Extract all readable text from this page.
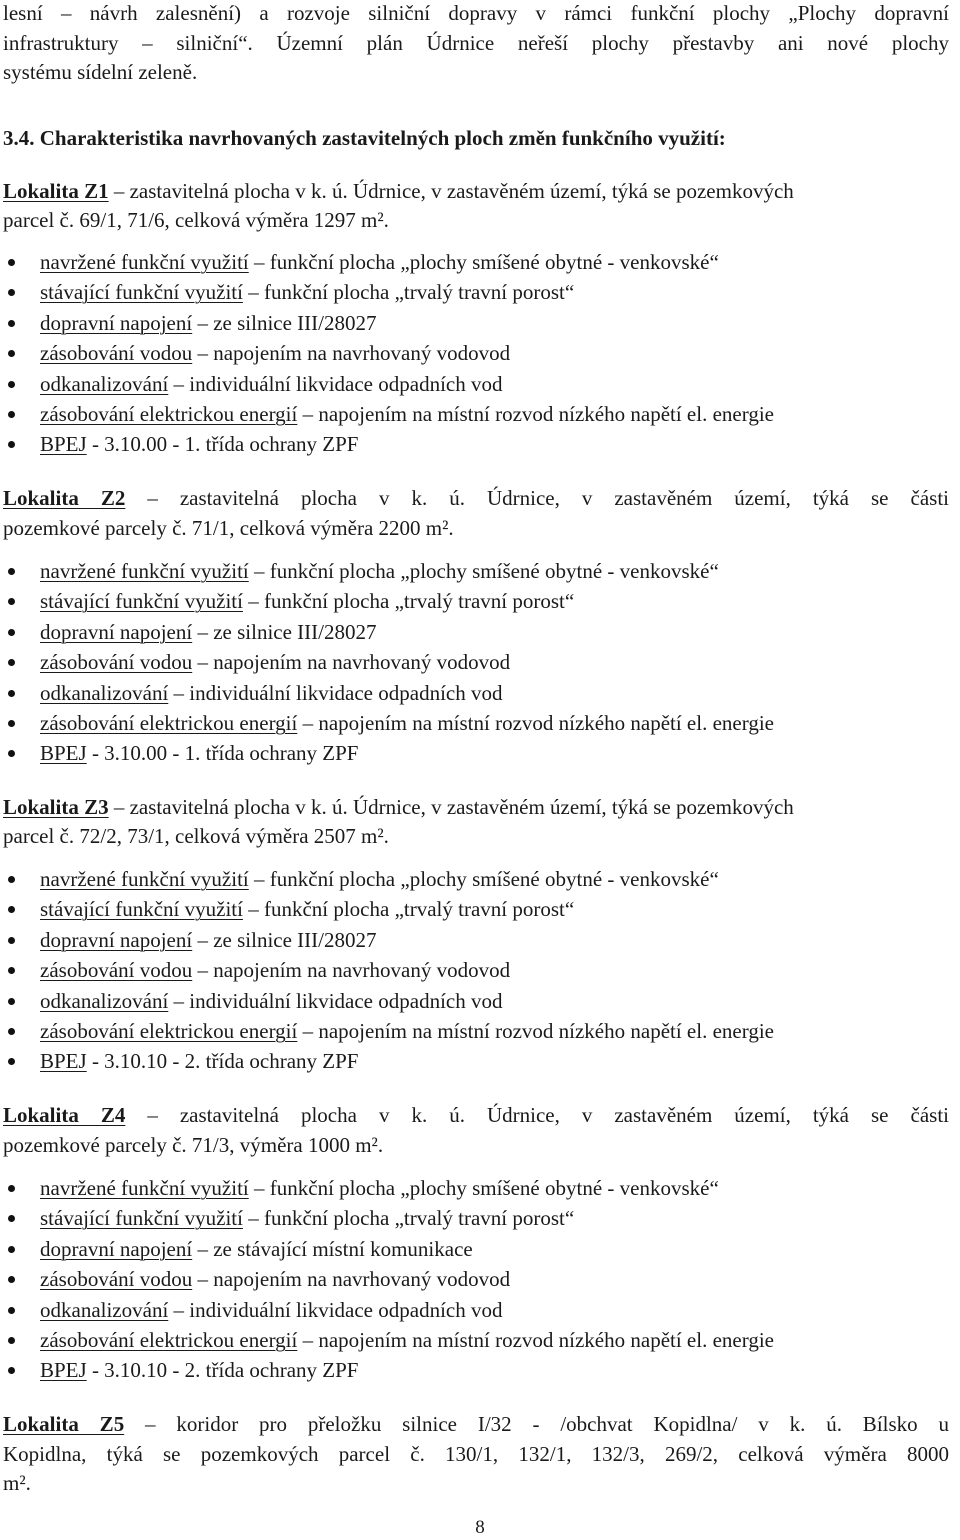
lesní – návrh zalesnění) a rozvoje silniční dopravy v rámci funkční plochy „Plochy dopravní
infrastruktury – silniční“. Územní plán Údrnice neřeší plochy přestavby ani nové plochy
systému sídelní zeleně.
3.4. Charakteristika navrhovaných zastavitelných ploch změn funkčního využití:
Lokalita Z1 – zastavitelná plocha v k. ú. Údrnice, v zastavěném území, týká se pozemkových
parcel č. 69/1, 71/6, celková výměra 1297 m².
navržené funkční využití – funkční plocha „plochy smíšené obytné - venkovské“
stávající funkční využití – funkční plocha „trvalý travní porost“
dopravní napojení – ze silnice III/28027
zásobování vodou – napojením na navrhovaný vodovod
odkanalizování – individuální likvidace odpadních vod
zásobování elektrickou energií – napojením na místní rozvod nízkého napětí el. energie
BPEJ - 3.10.00 - 1. třída ochrany ZPF
Lokalita Z2 – zastavitelná plocha v k. ú. Údrnice, v zastavěném území, týká se části
pozemkové parcely č. 71/1, celková výměra 2200 m².
navržené funkční využití – funkční plocha „plochy smíšené obytné - venkovské“
stávající funkční využití – funkční plocha „trvalý travní porost“
dopravní napojení – ze silnice III/28027
zásobování vodou – napojením na navrhovaný vodovod
odkanalizování – individuální likvidace odpadních vod
zásobování elektrickou energií – napojením na místní rozvod nízkého napětí el. energie
BPEJ - 3.10.00 - 1. třída ochrany ZPF
Lokalita Z3 – zastavitelná plocha v k. ú. Údrnice, v zastavěném území, týká se pozemkových
parcel č. 72/2, 73/1, celková výměra 2507 m².
navržené funkční využití – funkční plocha „plochy smíšené obytné - venkovské“
stávající funkční využití – funkční plocha „trvalý travní porost“
dopravní napojení – ze silnice III/28027
zásobování vodou – napojením na navrhovaný vodovod
odkanalizování – individuální likvidace odpadních vod
zásobování elektrickou energií – napojením na místní rozvod nízkého napětí el. energie
BPEJ - 3.10.10 - 2. třída ochrany ZPF
Lokalita Z4 – zastavitelná plocha v k. ú. Údrnice, v zastavěném území, týká se části
pozemkové parcely č. 71/3, výměra 1000 m².
navržené funkční využití – funkční plocha „plochy smíšené obytné - venkovské“
stávající funkční využití – funkční plocha „trvalý travní porost“
dopravní napojení – ze stávající místní komunikace
zásobování vodou – napojením na navrhovaný vodovod
odkanalizování – individuální likvidace odpadních vod
zásobování elektrickou energií – napojením na místní rozvod nízkého napětí el. energie
BPEJ - 3.10.10 - 2. třída ochrany ZPF
Lokalita Z5 – koridor pro přeložku silnice I/32 - /obchvat Kopidlna/ v k. ú. Bílsko u
Kopidlna, týká se pozemkových parcel č. 130/1, 132/1, 132/3, 269/2, celková výměra 8000
m².
8
